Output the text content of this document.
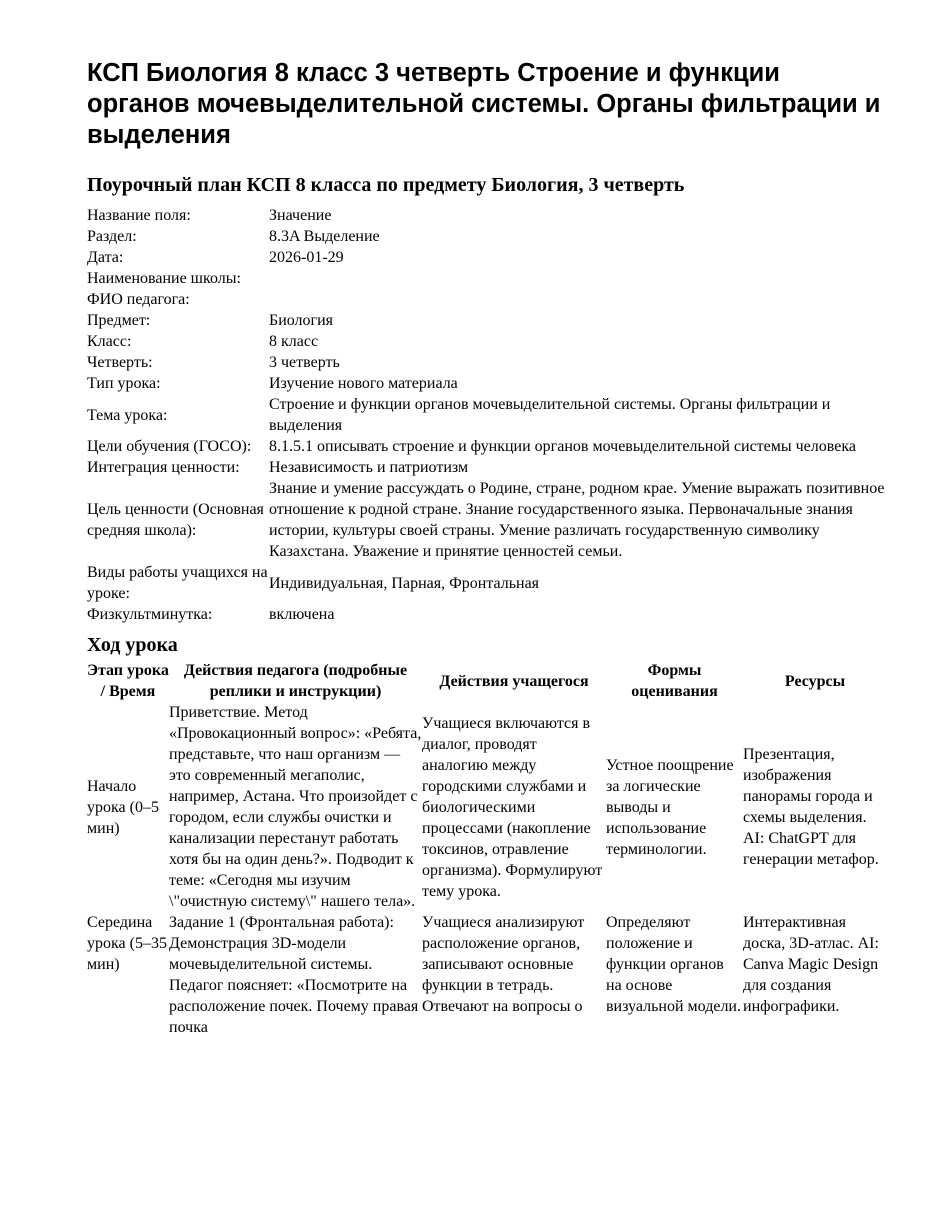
КСП Биология 8 класс 3 четверть Строение и функции органов мочевыделительной системы. Органы фильтрации и выделения
Поурочный план КСП 8 класса по предмету Биология, 3 четверть
Название поля:	Значение
Раздел:	8.3A Выделение
Дата:	2026-01-29
Наименование школы:	
ФИО педагога:	
Предмет:	Биология
Класс:	8 класс
Четверть:	3 четверть
Тип урока:	Изучение нового материала
Тема урока:	Строение и функции органов мочевыделительной системы. Органы фильтрации и выделения
Цели обучения (ГОСО):	8.1.5.1 описывать строение и функции органов мочевыделительной системы человека
Интеграция ценности:	Независимость и патриотизм
Цель ценности (Основная средняя школа):	Знание и умение рассуждать о Родине, стране, родном крае. Умение выражать позитивное отношение к родной стране. Знание государственного языка. Первоначальные знания истории, культуры своей страны. Умение различать государственную символику Казахстана. Уважение и принятие ценностей семьи.
Виды работы учащихся на уроке:	Индивидуальная, Парная, Фронтальная
Физкультминутка:	включена
Ход урока
Этап урока / Время	Действия педагога (подробные реплики и инструкции)	Действия учащегося	Формы оценивания	Ресурсы
Начало урока (0–5 мин)	Приветствие. Метод «Провокационный вопрос»: «Ребята, представьте, что наш организм — это современный мегаполис, например, Астана. Что произойдет с городом, если службы очистки и канализации перестанут работать хотя бы на один день?». Подводит к теме: «Сегодня мы изучим \"очистную систему\" нашего тела».	Учащиеся включаются в диалог, проводят аналогию между городскими службами и биологическими процессами (накопление токсинов, отравление организма). Формулируют тему урока.	Устное поощрение за логические выводы и использование терминологии.	Презентация, изображения панорамы города и схемы выделения. AI: ChatGPT для генерации метафор.
Середина урока (5–35 мин)	Задание 1 (Фронтальная работа): Демонстрация 3D-модели мочевыделительной системы. Педагог поясняет: «Посмотрите на расположение почек. Почему правая почка	Учащиеся анализируют расположение органов, записывают основные функции в тетрадь. Отвечают на вопросы о	Определяют положение и функции органов на основе визуальной модели.	Интерактивная доска, 3D-атлас. AI: Canva Magic Design для создания инфографики.
